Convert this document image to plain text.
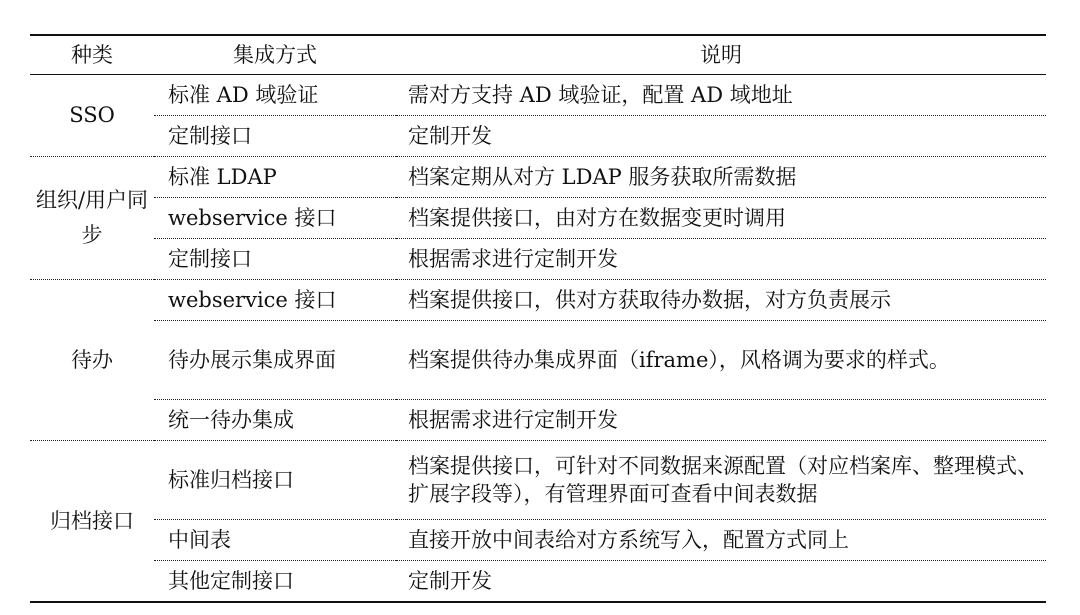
种类	集成方式	说明
SSO	标准 AD 域验证	需对方支持 AD 域验证，配置 AD 域地址
	定制接口	定制开发
组织/用户同步	标准 LDAP	档案定期从对方 LDAP 服务获取所需数据
	webservice 接口	档案提供接口，由对方在数据变更时调用
	定制接口	根据需求进行定制开发
待办	webservice 接口	档案提供接口，供对方获取待办数据，对方负责展示
	待办展示集成界面	档案提供待办集成界面（iframe），风格调为要求的样式。
	统一待办集成	根据需求进行定制开发
归档接口	标准归档接口	档案提供接口，可针对不同数据来源配置（对应档案库、整理模式、扩展字段等），有管理界面可查看中间表数据
	中间表	直接开放中间表给对方系统写入，配置方式同上
	其他定制接口	定制开发
